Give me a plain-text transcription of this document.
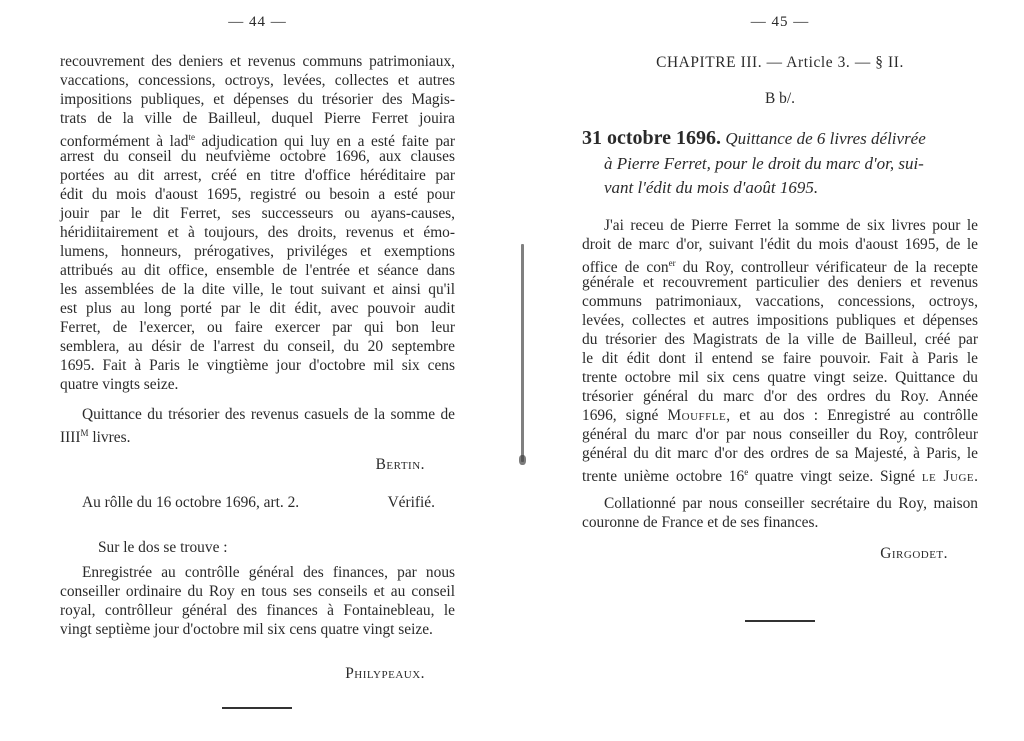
— 44 —
recouvrement des deniers et revenus communs patrimoniaux,
vaccations, concessions, octroys, levées, collectes et autres
impositions publiques, et dépenses du trésorier des Magis-
trats de la ville de Bailleul, duquel Pierre Ferret jouira
conformément à lad$^{te}$ adjudication qui luy en a esté faite par
arrest du conseil du neufvième octobre 1696, aux clauses
portées au dit arrest, créé en titre d'office héréditaire par
édit du mois d'aoust 1695, registré ou besoin a esté pour
jouir par le dit Ferret, ses successeurs ou ayans-causes,
héridiitairement et à toujours, des droits, revenus et émo-
lumens, honneurs, prérogatives, priviléges et exemptions
attribués au dit office, ensemble de l'entrée et séance dans
les assemblées de la dite ville, le tout suivant et ainsi qu'il
est plus au long porté par le dit édit, avec pouvoir audit
Ferret, de l'exercer, ou faire exercer par qui bon leur
semblera, au désir de l'arrest du conseil, du 20 septembre
1695. Fait à Paris le vingtième jour d'octobre mil six cens
quatre vingts seize.
Quittance du trésorier des revenus casuels de la somme de
$IIII^M$ livres.
Bertin.
Au rôlle du 16 octobre 1696, art. 2.	Vérifié.
Sur le dos se trouve :
Enregistrée au contrôlle général des finances, par nous
conseiller ordinaire du Roy en tous ses conseils et au conseil
royal, contrôlleur général des finances à Fontainebleau, le
vingt septième jour d'octobre mil six cens quatre vingt seize.
Philypeaux.
— 45 —
CHAPITRE III. — Article 3. — § II.
B b/.
31 octobre 1696. Quittance de 6 livres délivrée
à Pierre Ferret, pour le droit du marc d'or, sui-
vant l'édit du mois d'août 1695.
J'ai receu de Pierre Ferret la somme de six livres pour le
droit de marc d'or, suivant l'édit du mois d'aoust 1695, de le
office de con$^{er}$ du Roy, controlleur vérificateur de la recepte
générale et recouvrement particulier des deniers et revenus
communs patrimoniaux, vaccations, concessions, octroys,
levées, collectes et autres impositions publiques et dépenses
du trésorier des Magistrats de la ville de Bailleul, créé par
le dit édit dont il entend se faire pouvoir. Fait à Paris le
trente octobre mil six cens quatre vingt seize. Quittance du
trésorier général du marc d'or des ordres du Roy. Année
1696, signé Mouffle, et au dos : Enregistré au contrôlle
général du marc d'or par nous conseiller du Roy, contrôleur
général du dit marc d'or des ordres de sa Majesté, à Paris, le
trente unième octobre 16e quatre vingt seize. Signé le Juge.
Collationné par nous conseiller secrétaire du Roy, maison
couronne de France et de ses finances.
Girgodet.
